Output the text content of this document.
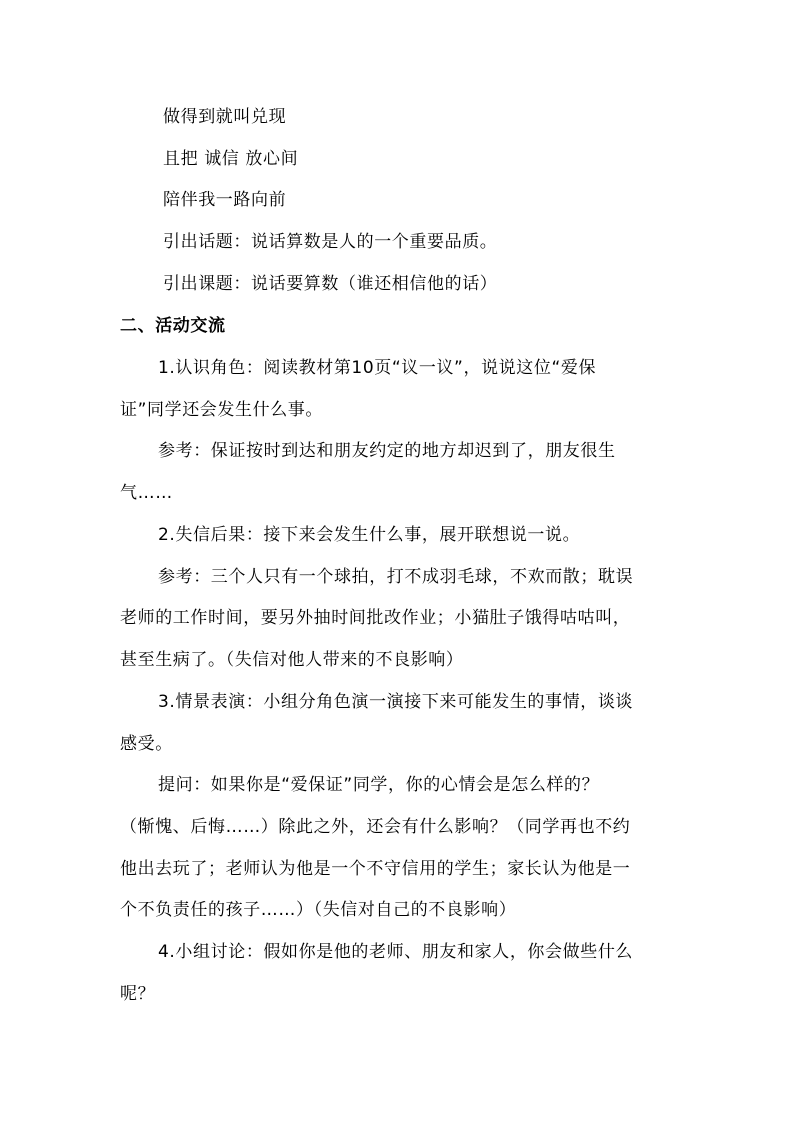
做得到就叫兑现
且把 诚信 放心间
陪伴我一路向前
引出话题：说话算数是人的一个重要品质。
引出课题：说话要算数（谁还相信他的话）
二、活动交流
1.认识角色：阅读教材第10页“议一议”，说说这位“爱保
证”同学还会发生什么事。
参考：保证按时到达和朋友约定的地方却迟到了，朋友很生
气……
2.失信后果：接下来会发生什么事，展开联想说一说。
参考：三个人只有一个球拍，打不成羽毛球，不欢而散；耽误
老师的工作时间，要另外抽时间批改作业；小猫肚子饿得咕咕叫，
甚至生病了。（失信对他人带来的不良影响）
3.情景表演：小组分角色演一演接下来可能发生的事情，谈谈
感受。
提问：如果你是“爱保证”同学，你的心情会是怎么样的？
（惭愧、后悔……）除此之外，还会有什么影响？（同学再也不约
他出去玩了；老师认为他是一个不守信用的学生；家长认为他是一
个不负责任的孩子……）（失信对自己的不良影响）
4.小组讨论：假如你是他的老师、朋友和家人，你会做些什么
呢？
